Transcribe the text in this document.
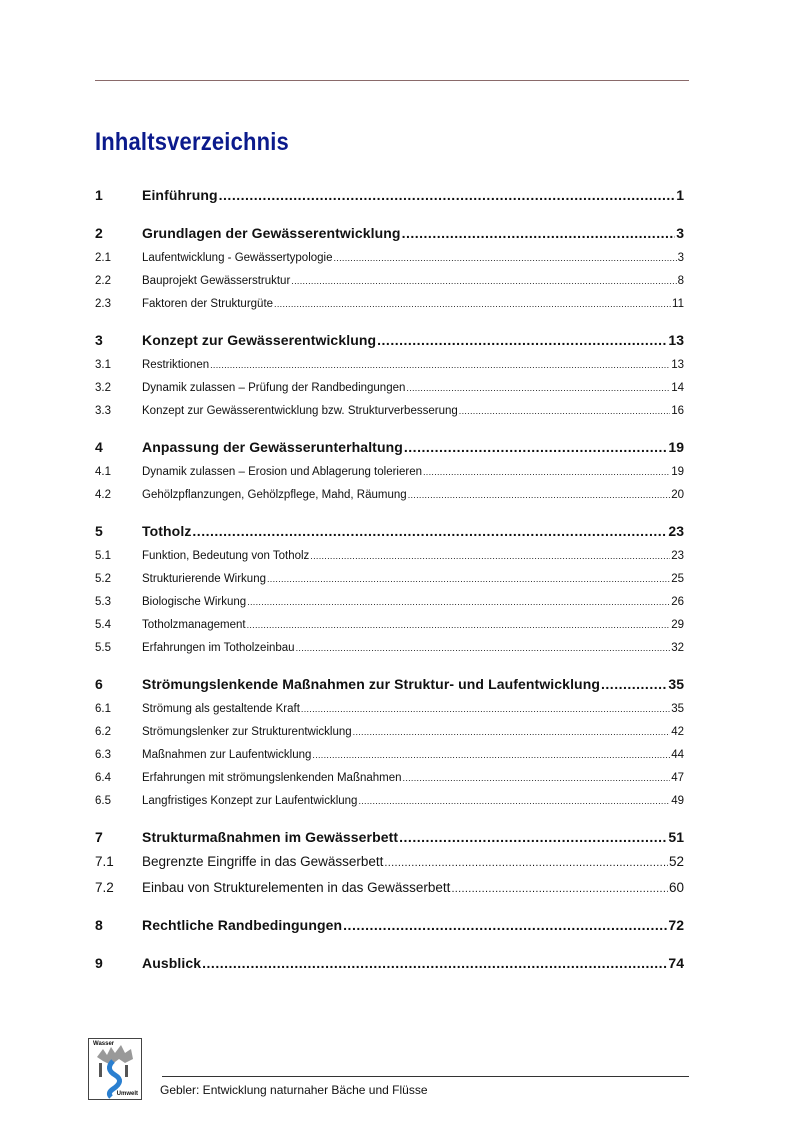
Inhaltsverzeichnis
1	Einführung .....	1
2	Grundlagen der Gewässerentwicklung .....	3
2.1	Laufentwicklung - Gewässertypologie .....	3
2.2	Bauprojekt Gewässerstruktur .....	8
2.3	Faktoren der Strukturgüte .....	11
3	Konzept zur Gewässerentwicklung .....	13
3.1	Restriktionen .....	13
3.2	Dynamik zulassen – Prüfung der Randbedingungen .....	14
3.3	Konzept zur Gewässerentwicklung bzw. Strukturverbesserung .....	16
4	Anpassung der Gewässerunterhaltung .....	19
4.1	Dynamik zulassen – Erosion und Ablagerung tolerieren .....	19
4.2	Gehölzpflanzungen, Gehölzpflege, Mahd, Räumung .....	20
5	Totholz .....	23
5.1	Funktion, Bedeutung von Totholz .....	23
5.2	Strukturierende Wirkung .....	25
5.3	Biologische Wirkung .....	26
5.4	Totholzmanagement .....	29
5.5	Erfahrungen im Totholzeinbau .....	32
6	Strömungslenkende Maßnahmen zur Struktur- und Laufentwicklung .....	35
6.1	Strömung als gestaltende Kraft .....	35
6.2	Strömungslenker zur Strukturentwicklung .....	42
6.3	Maßnahmen zur Laufentwicklung .....	44
6.4	Erfahrungen mit strömungslenkenden Maßnahmen .....	47
6.5	Langfristiges Konzept zur Laufentwicklung .....	49
7	Strukturmaßnahmen im Gewässerbett .....	51
7.1 Begrenzte Eingriffe in das Gewässerbett .....	52
7.2 Einbau von Strukturelementen in das Gewässerbett .....	60
8	Rechtliche Randbedingungen .....	72
9	Ausblick .....	74
Wasser
Umwelt Gebler: Entwicklung naturnaher Bäche und Flüsse
